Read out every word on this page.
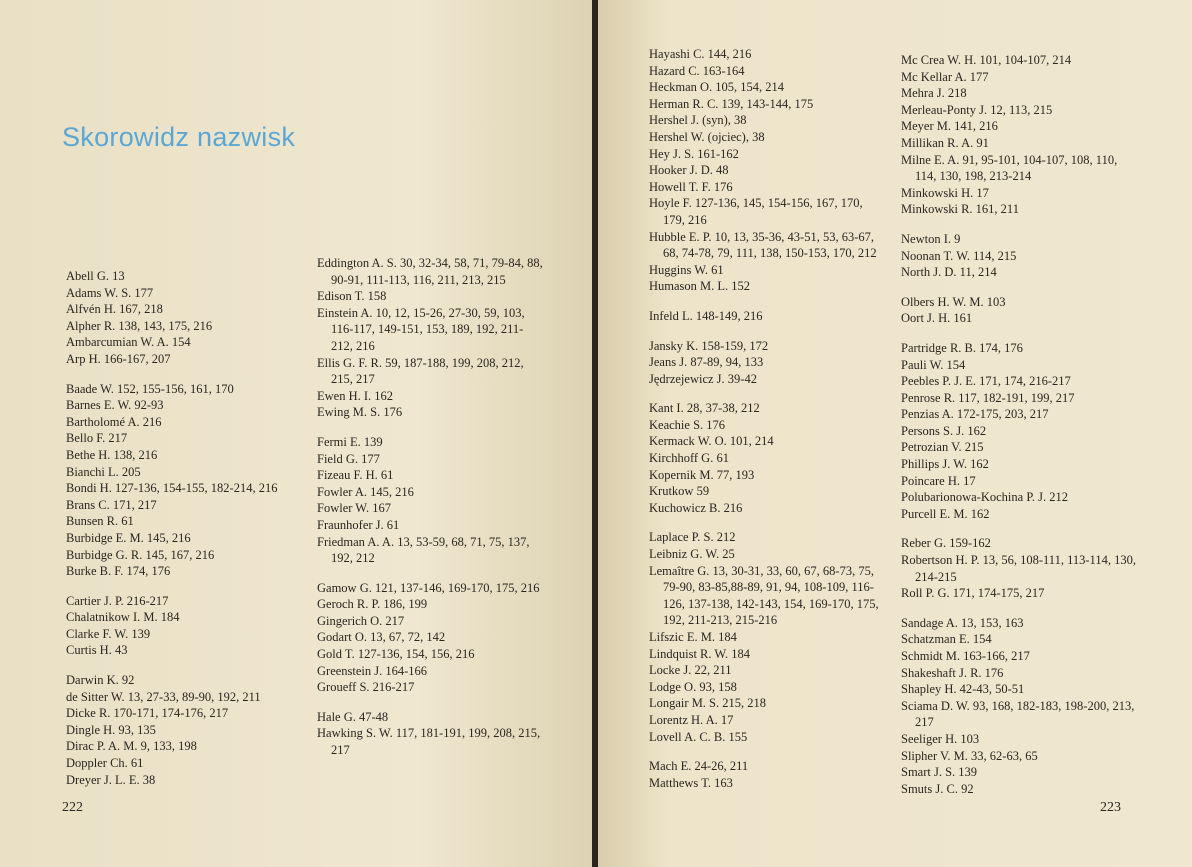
Skorowidz nazwisk
Abell G. 13
Adams W. S. 177
Alfvén H. 167, 218
Alpher R. 138, 143, 175, 216
Ambarcumian W. A. 154
Arp H. 166-167, 207
Baade W. 152, 155-156, 161, 170
Barnes E. W. 92-93
Bartholomé A. 216
Bello F. 217
Bethe H. 138, 216
Bianchi L. 205
Bondi H. 127-136, 154-155, 182-214, 216
Brans C. 171, 217
Bunsen R. 61
Burbidge E. M. 145, 216
Burbidge G. R. 145, 167, 216
Burke B. F. 174, 176
Cartier J. P. 216-217
Chalatnikow I. M. 184
Clarke F. W. 139
Curtis H. 43
Darwin K. 92
de Sitter W. 13, 27-33, 89-90, 192, 211
Dicke R. 170-171, 174-176, 217
Dingle H. 93, 135
Dirac P. A. M. 9, 133, 198
Doppler Ch. 61
Dreyer J. L. E. 38
Eddington A. S. 30, 32-34, 58, 71, 79-84, 88, 90-91, 111-113, 116, 211, 213, 215
Edison T. 158
Einstein A. 10, 12, 15-26, 27-30, 59, 103, 116-117, 149-151, 153, 189, 192, 211-212, 216
Ellis G. F. R. 59, 187-188, 199, 208, 212, 215, 217
Ewen H. I. 162
Ewing M. S. 176
Fermi E. 139
Field G. 177
Fizeau F. H. 61
Fowler A. 145, 216
Fowler W. 167
Fraunhofer J. 61
Friedman A. A. 13, 53-59, 68, 71, 75, 137, 192, 212
Gamow G. 121, 137-146, 169-170, 175, 216
Geroch R. P. 186, 199
Gingerich O. 217
Godart O. 13, 67, 72, 142
Gold T. 127-136, 154, 156, 216
Greenstein J. 164-166
Groueff S. 216-217
Hale G. 47-48
Hawking S. W. 117, 181-191, 199, 208, 215, 217
222
Hayashi C. 144, 216
Hazard C. 163-164
Heckman O. 105, 154, 214
Herman R. C. 139, 143-144, 175
Hershel J. (syn), 38
Hershel W. (ojciec), 38
Hey J. S. 161-162
Hooker J. D. 48
Howell T. F. 176
Hoyle F. 127-136, 145, 154-156, 167, 170, 179, 216
Hubble E. P. 10, 13, 35-36, 43-51, 53, 63-67, 68, 74-78, 79, 111, 138, 150-153, 170, 212
Huggins W. 61
Humason M. L. 152
Infeld L. 148-149, 216
Jansky K. 158-159, 172
Jeans J. 87-89, 94, 133
Jędrzejewicz J. 39-42
Kant I. 28, 37-38, 212
Keachie S. 176
Kermack W. O. 101, 214
Kirchhoff G. 61
Kopernik M. 77, 193
Krutkow 59
Kuchowicz B. 216
Laplace P. S. 212
Leibniz G. W. 25
Lemaître G. 13, 30-31, 33, 60, 67, 68-73, 75, 79-90, 83-85,88-89, 91, 94, 108-109, 116-126, 137-138, 142-143, 154, 169-170, 175, 192, 211-213, 215-216
Lifszic E. M. 184
Lindquist R. W. 184
Locke J. 22, 211
Lodge O. 93, 158
Longair M. S. 215, 218
Lorentz H. A. 17
Lovell A. C. B. 155
Mach E. 24-26, 211
Matthews T. 163
Mc Crea W. H. 101, 104-107, 214
Mc Kellar A. 177
Mehra J. 218
Merleau-Ponty J. 12, 113, 215
Meyer M. 141, 216
Millikan R. A. 91
Milne E. A. 91, 95-101, 104-107, 108, 110, 114, 130, 198, 213-214
Minkowski H. 17
Minkowski R. 161, 211
Newton I. 9
Noonan T. W. 114, 215
North J. D. 11, 214
Olbers H. W. M. 103
Oort J. H. 161
Partridge R. B. 174, 176
Pauli W. 154
Peebles P. J. E. 171, 174, 216-217
Penrose R. 117, 182-191, 199, 217
Penzias A. 172-175, 203, 217
Persons S. J. 162
Petrozian V. 215
Phillips J. W. 162
Poincare H. 17
Polubarionowa-Kochina P. J. 212
Purcell E. M. 162
Reber G. 159-162
Robertson H. P. 13, 56, 108-111, 113-114, 130, 214-215
Roll P. G. 171, 174-175, 217
Sandage A. 13, 153, 163
Schatzman E. 154
Schmidt M. 163-166, 217
Shakeshaft J. R. 176
Shapley H. 42-43, 50-51
Sciama D. W. 93, 168, 182-183, 198-200, 213, 217
Seeliger H. 103
Slipher V. M. 33, 62-63, 65
Smart J. S. 139
Smuts J. C. 92
223
